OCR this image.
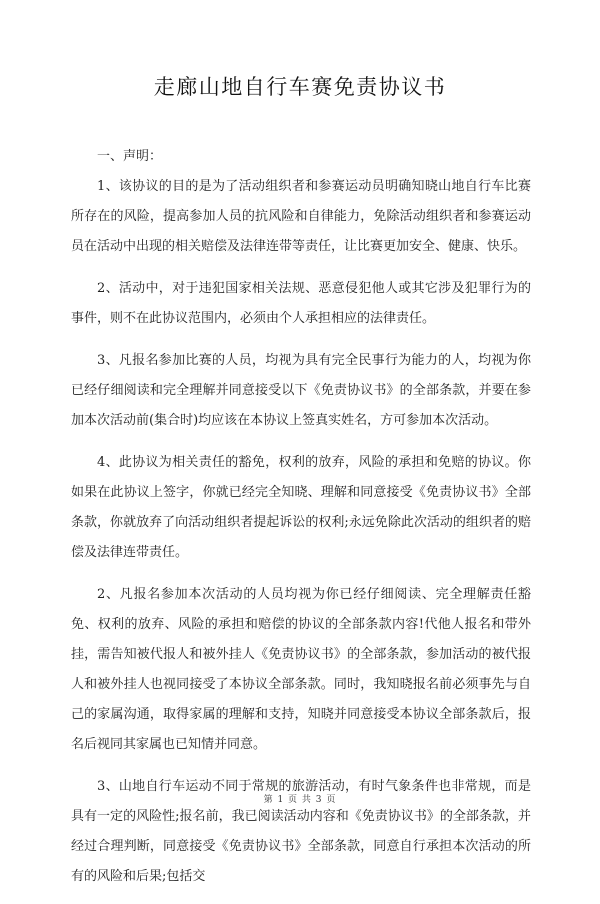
走廊山地自行车赛免责协议书
一、声明：

1、该协议的目的是为了活动组织者和参赛运动员明确知晓山地自行车比赛所存在的风险，提高参加人员的抗风险和自律能力，免除活动组织者和参赛运动员在活动中出现的相关赔偿及法律连带等责任，让比赛更加安全、健康、快乐。

2、活动中，对于违犯国家相关法规、恶意侵犯他人或其它涉及犯罪行为的事件，则不在此协议范围内，必须由个人承担相应的法律责任。

3、凡报名参加比赛的人员，均视为具有完全民事行为能力的人，均视为你已经仔细阅读和完全理解并同意接受以下《免责协议书》的全部条款，并要在参加本次活动前(集合时)均应该在本协议上签真实姓名，方可参加本次活动。

4、此协议为相关责任的豁免，权利的放弃，风险的承担和免赔的协议。你如果在此协议上签字，你就已经完全知晓、理解和同意接受《免责协议书》全部条款，你就放弃了向活动组织者提起诉讼的权利;永远免除此次活动的组织者的赔偿及法律连带责任。

2、凡报名参加本次活动的人员均视为你已经仔细阅读、完全理解责任豁免、权利的放弃、风险的承担和赔偿的协议的全部条款内容!代他人报名和带外挂，需告知被代报人和被外挂人《免责协议书》的全部条款，参加活动的被代报人和被外挂人也视同接受了本协议全部条款。同时，我知晓报名前必须事先与自己的家属沟通，取得家属的理解和支持，知晓并同意接受本协议全部条款后，报名后视同其家属也已知情并同意。

3、山地自行车运动不同于常规的旅游活动，有时气象条件也非常规，而是具有一定的风险性;报名前，我已阅读活动内容和《免责协议书》的全部条款，并经过合理判断，同意接受《免责协议书》全部条款，同意自行承担本次活动的所有的风险和后果;包括交

第 1 页 共 3 页
